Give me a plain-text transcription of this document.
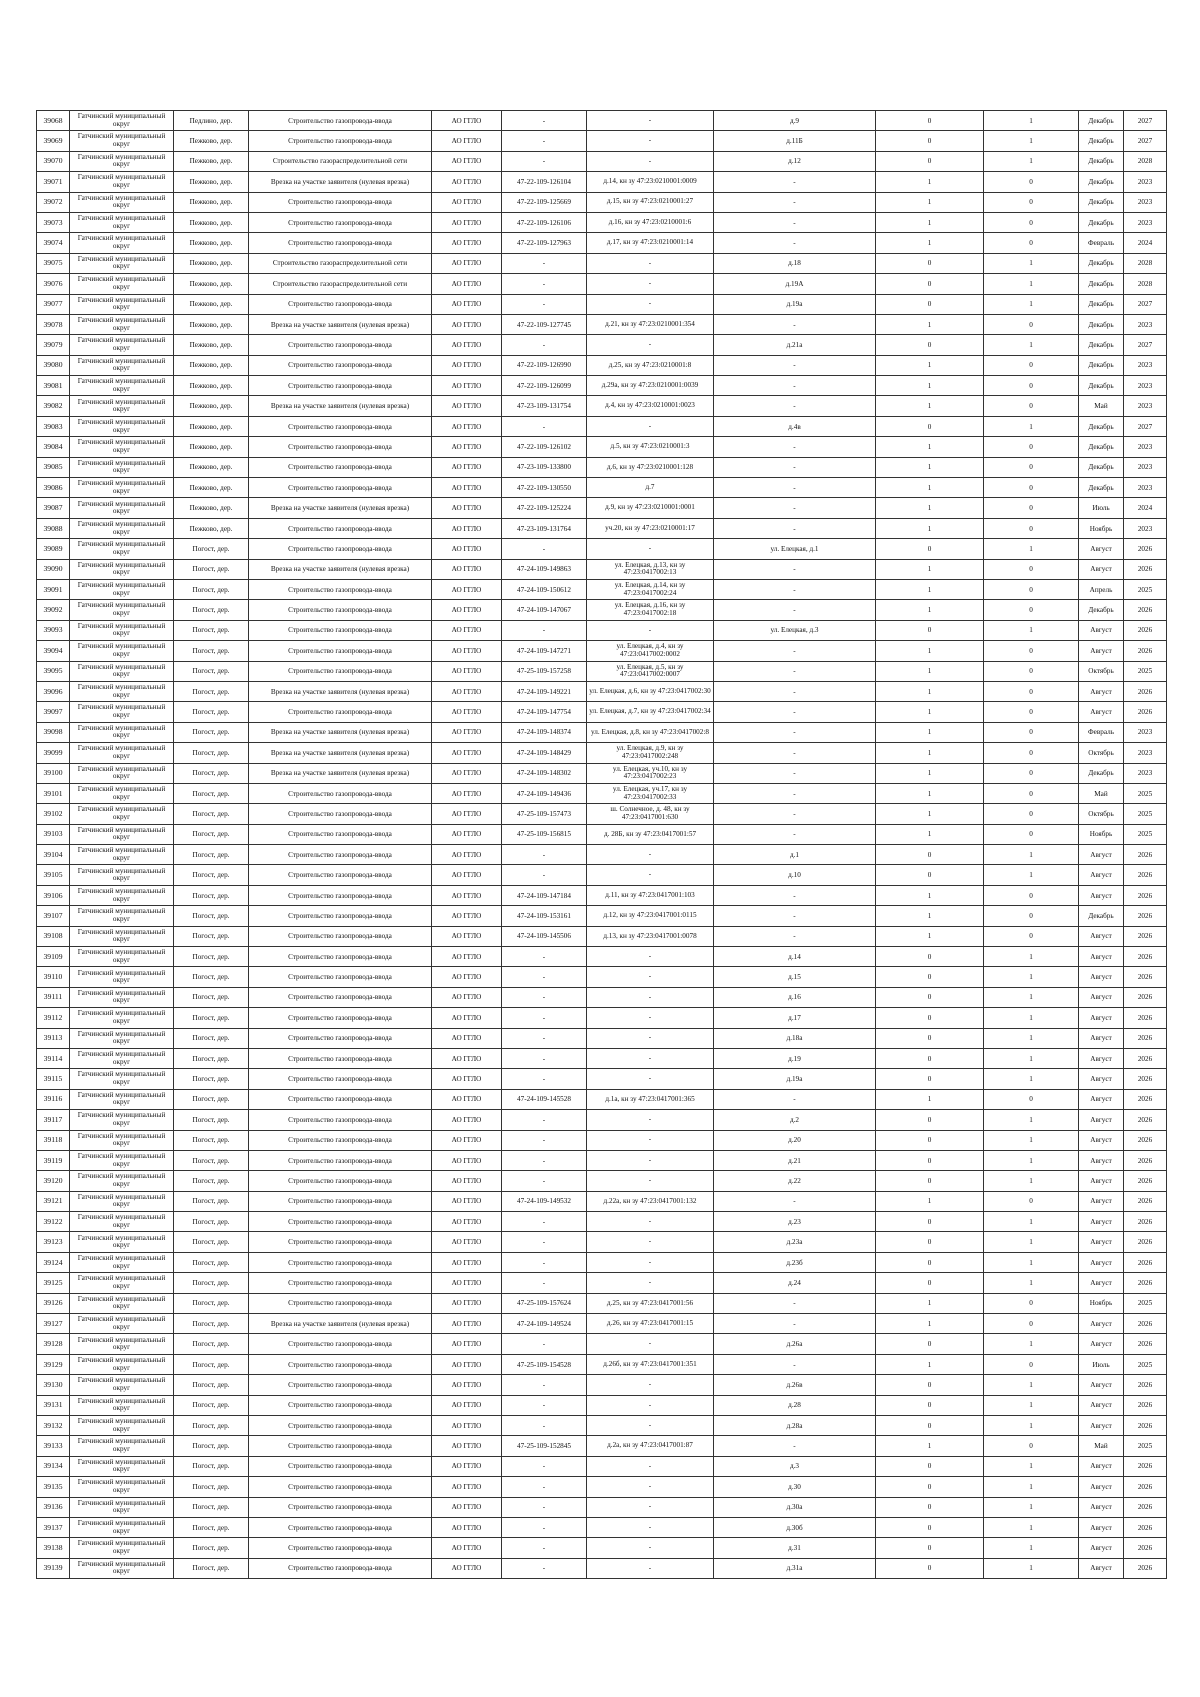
39068	Гатчинский муниципальный округ	Педлино, дер.	Строительство газопровода-ввода	АО ГГЛО	-	-	д.9	0	1	Декабрь	2027
39069	Гатчинский муниципальный округ	Пежково, дер.	Строительство газопровода-ввода	АО ГГЛО	-	-	д.11Б	0	1	Декабрь	2027
39070	Гатчинский муниципальный округ	Пежково, дер.	Строительство газораспределительной сети	АО ГГЛО	-	-	д.12	0	1	Декабрь	2028
39071	Гатчинский муниципальный округ	Пежково, дер.	Врезка на участке заявителя (нулевая врезка)	АО ГГЛО	47-22-109-126104	д.14, кн зу 47:23:0210001:0009	-	1	0	Декабрь	2023
39072	Гатчинский муниципальный округ	Пежково, дер.	Строительство газопровода-ввода	АО ГГЛО	47-22-109-125669	д.15, кн зу 47:23:0210001:27	-	1	0	Декабрь	2023
39073	Гатчинский муниципальный округ	Пежково, дер.	Строительство газопровода-ввода	АО ГГЛО	47-22-109-126106	д.16, кн зу 47:23:0210001:6	-	1	0	Декабрь	2023
39074	Гатчинский муниципальный округ	Пежково, дер.	Строительство газопровода-ввода	АО ГГЛО	47-22-109-127963	д.17, кн зу 47:23:0210001:14	-	1	0	Февраль	2024
39075	Гатчинский муниципальный округ	Пежково, дер.	Строительство газораспределительной сети	АО ГГЛО	-	-	д.18	0	1	Декабрь	2028
39076	Гатчинский муниципальный округ	Пежково, дер.	Строительство газораспределительной сети	АО ГГЛО	-	-	д.19А	0	1	Декабрь	2028
39077	Гатчинский муниципальный округ	Пежково, дер.	Строительство газопровода-ввода	АО ГГЛО	-	-	д.19а	0	1	Декабрь	2027
39078	Гатчинский муниципальный округ	Пежково, дер.	Врезка на участке заявителя (нулевая врезка)	АО ГГЛО	47-22-109-127745	д.21, кн зу 47:23:0210001:354	-	1	0	Декабрь	2023
39079	Гатчинский муниципальный округ	Пежково, дер.	Строительство газопровода-ввода	АО ГГЛО	-	-	д.21а	0	1	Декабрь	2027
39080	Гатчинский муниципальный округ	Пежково, дер.	Строительство газопровода-ввода	АО ГГЛО	47-22-109-126990	д.25, кн зу 47:23:0210001:8	-	1	0	Декабрь	2023
39081	Гатчинский муниципальный округ	Пежково, дер.	Строительство газопровода-ввода	АО ГГЛО	47-22-109-126099	д.29а, кн зу 47:23:0210001:0039	-	1	0	Декабрь	2023
39082	Гатчинский муниципальный округ	Пежково, дер.	Врезка на участке заявителя (нулевая врезка)	АО ГГЛО	47-23-109-131754	д.4, кн зу 47:23:0210001:0023	-	1	0	Май	2023
39083	Гатчинский муниципальный округ	Пежково, дер.	Строительство газопровода-ввода	АО ГГЛО	-	-	д.4в	0	1	Декабрь	2027
39084	Гатчинский муниципальный округ	Пежково, дер.	Строительство газопровода-ввода	АО ГГЛО	47-22-109-126102	д.5, кн зу 47:23:0210001:3	-	1	0	Декабрь	2023
39085	Гатчинский муниципальный округ	Пежково, дер.	Строительство газопровода-ввода	АО ГГЛО	47-23-109-133800	д.6, кн зу 47:23:0210001:128	-	1	0	Декабрь	2023
39086	Гатчинский муниципальный округ	Пежково, дер.	Строительство газопровода-ввода	АО ГГЛО	47-22-109-130550	д.7	-	1	0	Декабрь	2023
39087	Гатчинский муниципальный округ	Пежково, дер.	Врезка на участке заявителя (нулевая врезка)	АО ГГЛО	47-22-109-125224	д.9, кн зу 47:23:0210001:0001	-	1	0	Июль	2024
39088	Гатчинский муниципальный округ	Пежково, дер.	Строительство газопровода-ввода	АО ГГЛО	47-23-109-131764	уч.20, кн зу 47:23:0210001:17	-	1	0	Ноябрь	2023
39089	Гатчинский муниципальный округ	Погост, дер.	Строительство газопровода-ввода	АО ГГЛО	-	-	ул. Елецкая, д.1	0	1	Август	2026
39090	Гатчинский муниципальный округ	Погост, дер.	Врезка на участке заявителя (нулевая врезка)	АО ГГЛО	47-24-109-149863	ул. Елецкая, д.13, кн зу 47:23:0417002:13	-	1	0	Август	2026
39091	Гатчинский муниципальный округ	Погост, дер.	Строительство газопровода-ввода	АО ГГЛО	47-24-109-150612	ул. Елецкая, д.14, кн зу 47:23:0417002:24	-	1	0	Апрель	2025
39092	Гатчинский муниципальный округ	Погост, дер.	Строительство газопровода-ввода	АО ГГЛО	47-24-109-147067	ул. Елецкая, д.16, кн зу 47:23:0417002:18	-	1	0	Декабрь	2026
39093	Гатчинский муниципальный округ	Погост, дер.	Строительство газопровода-ввода	АО ГГЛО	-	-	ул. Елецкая, д.3	0	1	Август	2026
39094	Гатчинский муниципальный округ	Погост, дер.	Строительство газопровода-ввода	АО ГГЛО	47-24-109-147271	ул. Елецкая, д.4, кн зу 47:23:0417002:0002	-	1	0	Август	2026
39095	Гатчинский муниципальный округ	Погост, дер.	Строительство газопровода-ввода	АО ГГЛО	47-25-109-157258	ул. Елецкая, д.5, кн зу 47:23:0417002:0007	-	1	0	Октябрь	2025
39096	Гатчинский муниципальный округ	Погост, дер.	Врезка на участке заявителя (нулевая врезка)	АО ГГЛО	47-24-109-149221	ул. Елецкая, д.6, кн зу 47:23:0417002:30	-	1	0	Август	2026
39097	Гатчинский муниципальный округ	Погост, дер.	Строительство газопровода-ввода	АО ГГЛО	47-24-109-147754	ул. Елецкая, д.7, кн зу 47:23:0417002:34	-	1	0	Август	2026
39098	Гатчинский муниципальный округ	Погост, дер.	Врезка на участке заявителя (нулевая врезка)	АО ГГЛО	47-24-109-148374	ул. Елецкая, д.8, кн зу 47:23:0417002:8	-	1	0	Февраль	2023
39099	Гатчинский муниципальный округ	Погост, дер.	Врезка на участке заявителя (нулевая врезка)	АО ГГЛО	47-24-109-148429	ул. Елецкая, д.9, кн зу 47:23:0417002:248	-	1	0	Октябрь	2023
39100	Гатчинский муниципальный округ	Погост, дер.	Врезка на участке заявителя (нулевая врезка)	АО ГГЛО	47-24-109-148302	ул. Елецкая, уч.10, кн зу 47:23:0417002:23	-	1	0	Декабрь	2023
39101	Гатчинский муниципальный округ	Погост, дер.	Строительство газопровода-ввода	АО ГГЛО	47-24-109-149436	ул. Елецкая, уч.17, кн зу 47:23:0417002:33	-	1	0	Май	2025
39102	Гатчинский муниципальный округ	Погост, дер.	Строительство газопровода-ввода	АО ГГЛО	47-25-109-157473	ш. Солнечное, д. 48, кн зу 47:23:0417001:630	-	1	0	Октябрь	2025
39103	Гатчинский муниципальный округ	Погост, дер.	Строительство газопровода-ввода	АО ГГЛО	47-25-109-156815	д. 28Б, кн зу 47:23:0417001:57	-	1	0	Ноябрь	2025
39104	Гатчинский муниципальный округ	Погост, дер.	Строительство газопровода-ввода	АО ГГЛО	-	-	д.1	0	1	Август	2026
39105	Гатчинский муниципальный округ	Погост, дер.	Строительство газопровода-ввода	АО ГГЛО	-	-	д.10	0	1	Август	2026
39106	Гатчинский муниципальный округ	Погост, дер.	Строительство газопровода-ввода	АО ГГЛО	47-24-109-147184	д.11, кн зу 47:23:0417001:103	-	1	0	Август	2026
39107	Гатчинский муниципальный округ	Погост, дер.	Строительство газопровода-ввода	АО ГГЛО	47-24-109-153161	д.12, кн зу 47:23:0417001:0115	-	1	0	Декабрь	2026
39108	Гатчинский муниципальный округ	Погост, дер.	Строительство газопровода-ввода	АО ГГЛО	47-24-109-145506	д.13, кн зу 47:23:0417001:0078	-	1	0	Август	2026
39109	Гатчинский муниципальный округ	Погост, дер.	Строительство газопровода-ввода	АО ГГЛО	-	-	д.14	0	1	Август	2026
39110	Гатчинский муниципальный округ	Погост, дер.	Строительство газопровода-ввода	АО ГГЛО	-	-	д.15	0	1	Август	2026
39111	Гатчинский муниципальный округ	Погост, дер.	Строительство газопровода-ввода	АО ГГЛО	-	-	д.16	0	1	Август	2026
39112	Гатчинский муниципальный округ	Погост, дер.	Строительство газопровода-ввода	АО ГГЛО	-	-	д.17	0	1	Август	2026
39113	Гатчинский муниципальный округ	Погост, дер.	Строительство газопровода-ввода	АО ГГЛО	-	-	д.18а	0	1	Август	2026
39114	Гатчинский муниципальный округ	Погост, дер.	Строительство газопровода-ввода	АО ГГЛО	-	-	д.19	0	1	Август	2026
39115	Гатчинский муниципальный округ	Погост, дер.	Строительство газопровода-ввода	АО ГГЛО	-	-	д.19а	0	1	Август	2026
39116	Гатчинский муниципальный округ	Погост, дер.	Строительство газопровода-ввода	АО ГГЛО	47-24-109-145528	д.1а, кн зу 47:23:0417001:365	-	1	0	Август	2026
39117	Гатчинский муниципальный округ	Погост, дер.	Строительство газопровода-ввода	АО ГГЛО	-	-	д.2	0	1	Август	2026
39118	Гатчинский муниципальный округ	Погост, дер.	Строительство газопровода-ввода	АО ГГЛО	-	-	д.20	0	1	Август	2026
39119	Гатчинский муниципальный округ	Погост, дер.	Строительство газопровода-ввода	АО ГГЛО	-	-	д.21	0	1	Август	2026
39120	Гатчинский муниципальный округ	Погост, дер.	Строительство газопровода-ввода	АО ГГЛО	-	-	д.22	0	1	Август	2026
39121	Гатчинский муниципальный округ	Погост, дер.	Строительство газопровода-ввода	АО ГГЛО	47-24-109-149532	д.22а, кн зу 47:23:0417001:132	-	1	0	Август	2026
39122	Гатчинский муниципальный округ	Погост, дер.	Строительство газопровода-ввода	АО ГГЛО	-	-	д.23	0	1	Август	2026
39123	Гатчинский муниципальный округ	Погост, дер.	Строительство газопровода-ввода	АО ГГЛО	-	-	д.23а	0	1	Август	2026
39124	Гатчинский муниципальный округ	Погост, дер.	Строительство газопровода-ввода	АО ГГЛО	-	-	д.23б	0	1	Август	2026
39125	Гатчинский муниципальный округ	Погост, дер.	Строительство газопровода-ввода	АО ГГЛО	-	-	д.24	0	1	Август	2026
39126	Гатчинский муниципальный округ	Погост, дер.	Строительство газопровода-ввода	АО ГГЛО	47-25-109-157624	д.25, кн зу 47:23:0417001:56	-	1	0	Ноябрь	2025
39127	Гатчинский муниципальный округ	Погост, дер.	Врезка на участке заявителя (нулевая врезка)	АО ГГЛО	47-24-109-149524	д.26, кн зу 47:23:0417001:15	-	1	0	Август	2026
39128	Гатчинский муниципальный округ	Погост, дер.	Строительство газопровода-ввода	АО ГГЛО	-	-	д.26а	0	1	Август	2026
39129	Гатчинский муниципальный округ	Погост, дер.	Строительство газопровода-ввода	АО ГГЛО	47-25-109-154528	д.26б, кн зу 47:23:0417001:351	-	1	0	Июль	2025
39130	Гатчинский муниципальный округ	Погост, дер.	Строительство газопровода-ввода	АО ГГЛО	-	-	д.26в	0	1	Август	2026
39131	Гатчинский муниципальный округ	Погост, дер.	Строительство газопровода-ввода	АО ГГЛО	-	-	д.28	0	1	Август	2026
39132	Гатчинский муниципальный округ	Погост, дер.	Строительство газопровода-ввода	АО ГГЛО	-	-	д.28а	0	1	Август	2026
39133	Гатчинский муниципальный округ	Погост, дер.	Строительство газопровода-ввода	АО ГГЛО	47-25-109-152845	д.2а, кн зу 47:23:0417001:87	-	1	0	Май	2025
39134	Гатчинский муниципальный округ	Погост, дер.	Строительство газопровода-ввода	АО ГГЛО	-	-	д.3	0	1	Август	2026
39135	Гатчинский муниципальный округ	Погост, дер.	Строительство газопровода-ввода	АО ГГЛО	-	-	д.30	0	1	Август	2026
39136	Гатчинский муниципальный округ	Погост, дер.	Строительство газопровода-ввода	АО ГГЛО	-	-	д.30а	0	1	Август	2026
39137	Гатчинский муниципальный округ	Погост, дер.	Строительство газопровода-ввода	АО ГГЛО	-	-	д.30б	0	1	Август	2026
39138	Гатчинский муниципальный округ	Погост, дер.	Строительство газопровода-ввода	АО ГГЛО	-	-	д.31	0	1	Август	2026
39139	Гатчинский муниципальный округ	Погост, дер.	Строительство газопровода-ввода	АО ГГЛО	-	-	д.31а	0	1	Август	2026
